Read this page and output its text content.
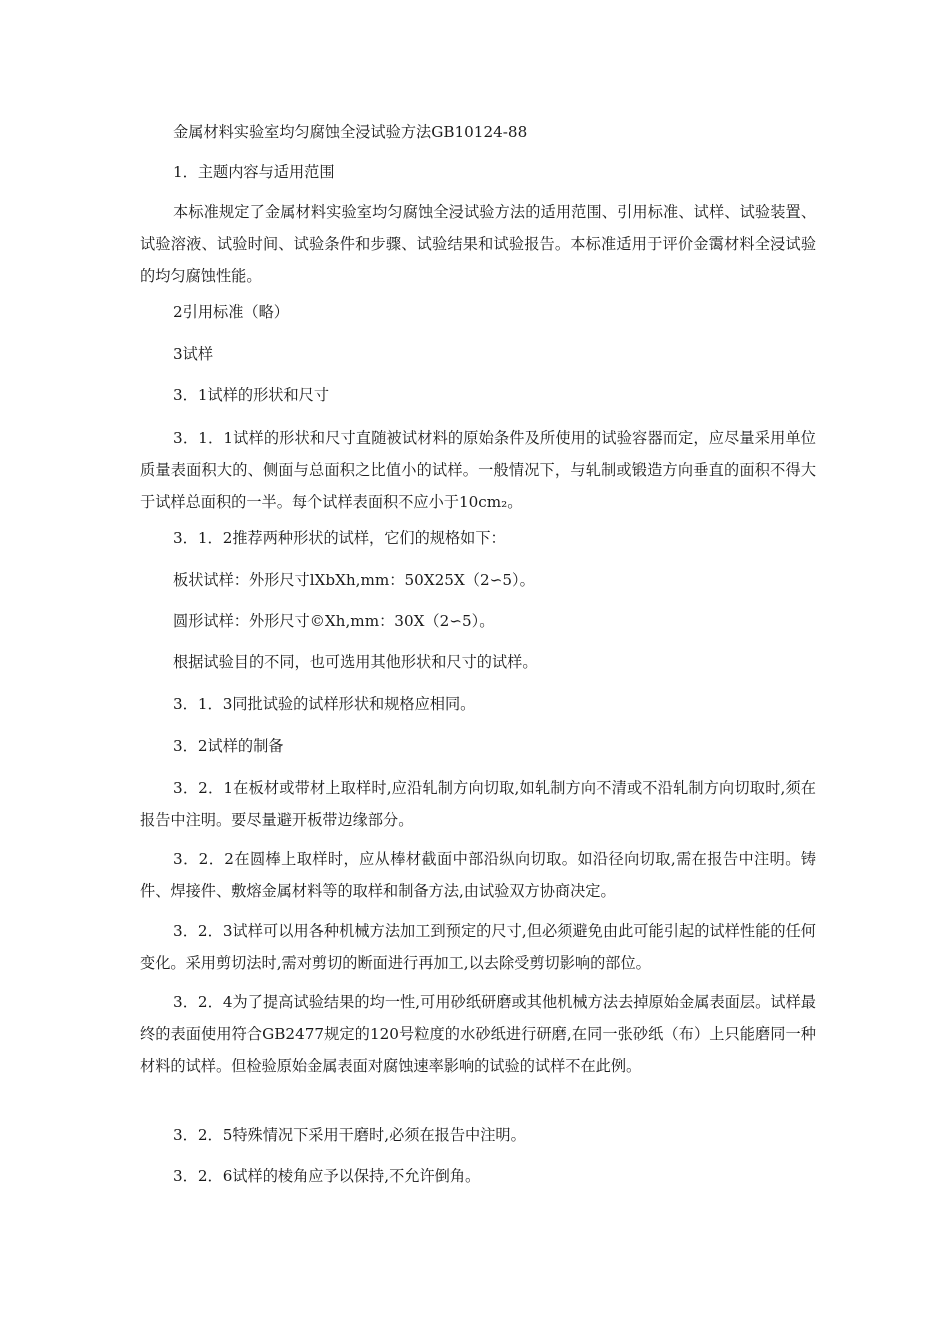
金属材料实验室均匀腐蚀全浸试验方法GB10124-88

1．主题内容与适用范围

本标准规定了金属材料实验室均匀腐蚀全浸试验方法的适用范围、引用标准、试样、试验装置、试验溶液、试验时间、试验条件和步骤、试验结果和试验报告。本标准适用于评价金霭材料全浸试验的均匀腐蚀性能。

2引用标准（略）

3试样

3．1试样的形状和尺寸

3．1．1试样的形状和尺寸直随被试材料的原始条件及所使用的试验容器而定，应尽量采用单位质量表面积大的、侧面与总面积之比值小的试样。一般情况下，与轧制或锻造方向垂直的面积不得大于试样总面积的一半。每个试样表面积不应小于10cm₂。

3．1．2推荐两种形状的试样，它们的规格如下：

板状试样：外形尺寸lXbXh,mm：50X25X（2∽5）。

圆形试样：外形尺寸©Xh,mm：30X（2∽5）。

根据试验目的不同，也可选用其他形状和尺寸的试样。

3．1．3同批试验的试样形状和规格应相同。

3．2试样的制备

3．2．1在板材或带材上取样时,应沿轧制方向切取,如轧制方向不清或不沿轧制方向切取时,须在报告中注明。要尽量避开板带边缘部分。

3．2．2在圆棒上取样时，应从棒材截面中部沿纵向切取。如沿径向切取,需在报告中注明。铸件、焊接件、敷熔金属材料等的取样和制备方法,由试验双方协商决定。

3．2．3试样可以用各种机械方法加工到预定的尺寸,但必须避免由此可能引起的试样性能的任何变化。采用剪切法时,需对剪切的断面进行再加工,以去除受剪切影响的部位。

3．2．4为了提高试验结果的均一性,可用砂纸研磨或其他机械方法去掉原始金属表面层。试样最终的表面使用符合GB2477规定的120号粒度的水砂纸进行研磨,在同一张砂纸（布）上只能磨同一种材料的试样。但检验原始金属表面对腐蚀速率影响的试验的试样不在此例。

3．2．5特殊情况下采用干磨时,必须在报告中注明。

3．2．6试样的棱角应予以保持,不允许倒角。
